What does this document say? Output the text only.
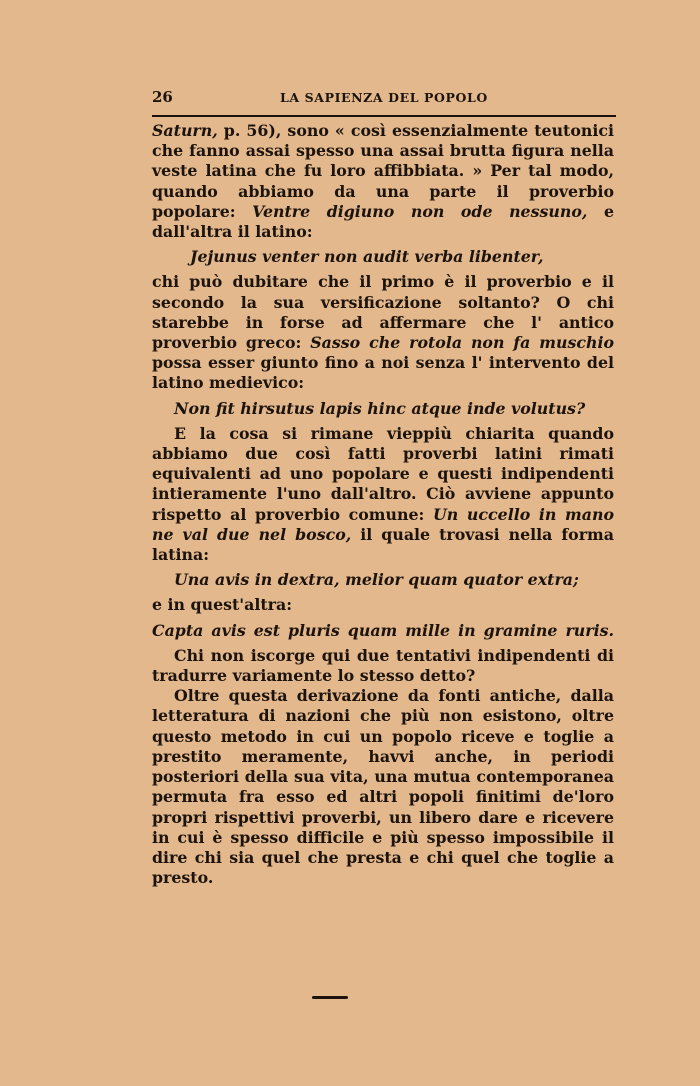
26	LA SAPIENZA DEL POPOLO

Saturn, p. 56), sono « così essenzialmente teutonici che fanno assai spesso una assai brutta figura nella veste latina che fu loro affibbiata. » Per tal modo, quando abbiamo da una parte il proverbio popolare: Ventre digiuno non ode nessuno, e dall'altra il latino:

Jejunus venter non audit verba libenter,

chi può dubitare che il primo è il proverbio e il secondo la sua versificazione soltanto? O chi starebbe in forse ad affermare che l' antico proverbio greco: Sasso che rotola non fa muschio possa esser giunto fino a noi senza l' intervento del latino medievico:

Non fit hirsutus lapis hinc atque inde volutus?

E la cosa si rimane vieppiù chiarita quando abbiamo due così fatti proverbi latini rimati equivalenti ad uno popolare e questi indipendenti intieramente l'uno dall'altro. Ciò avviene appunto rispetto al proverbio comune: Un uccello in mano ne val due nel bosco, il quale trovasi nella forma latina:

Una avis in dextra, melior quam quator extra;

e in quest'altra:

Capta avis est pluris quam mille in gramine ruris.

Chi non iscorge qui due tentativi indipendenti di tradurre variamente lo stesso detto?

Oltre questa derivazione da fonti antiche, dalla letteratura di nazioni che più non esistono, oltre questo metodo in cui un popolo riceve e toglie a prestito meramente, havvi anche, in periodi posteriori della sua vita, una mutua contemporanea permuta fra esso ed altri popoli finitimi de'loro propri rispettivi proverbi, un libero dare e ricevere in cui è spesso difficile e più spesso impossibile il dire chi sia quel che presta e chi quel che toglie a presto.
